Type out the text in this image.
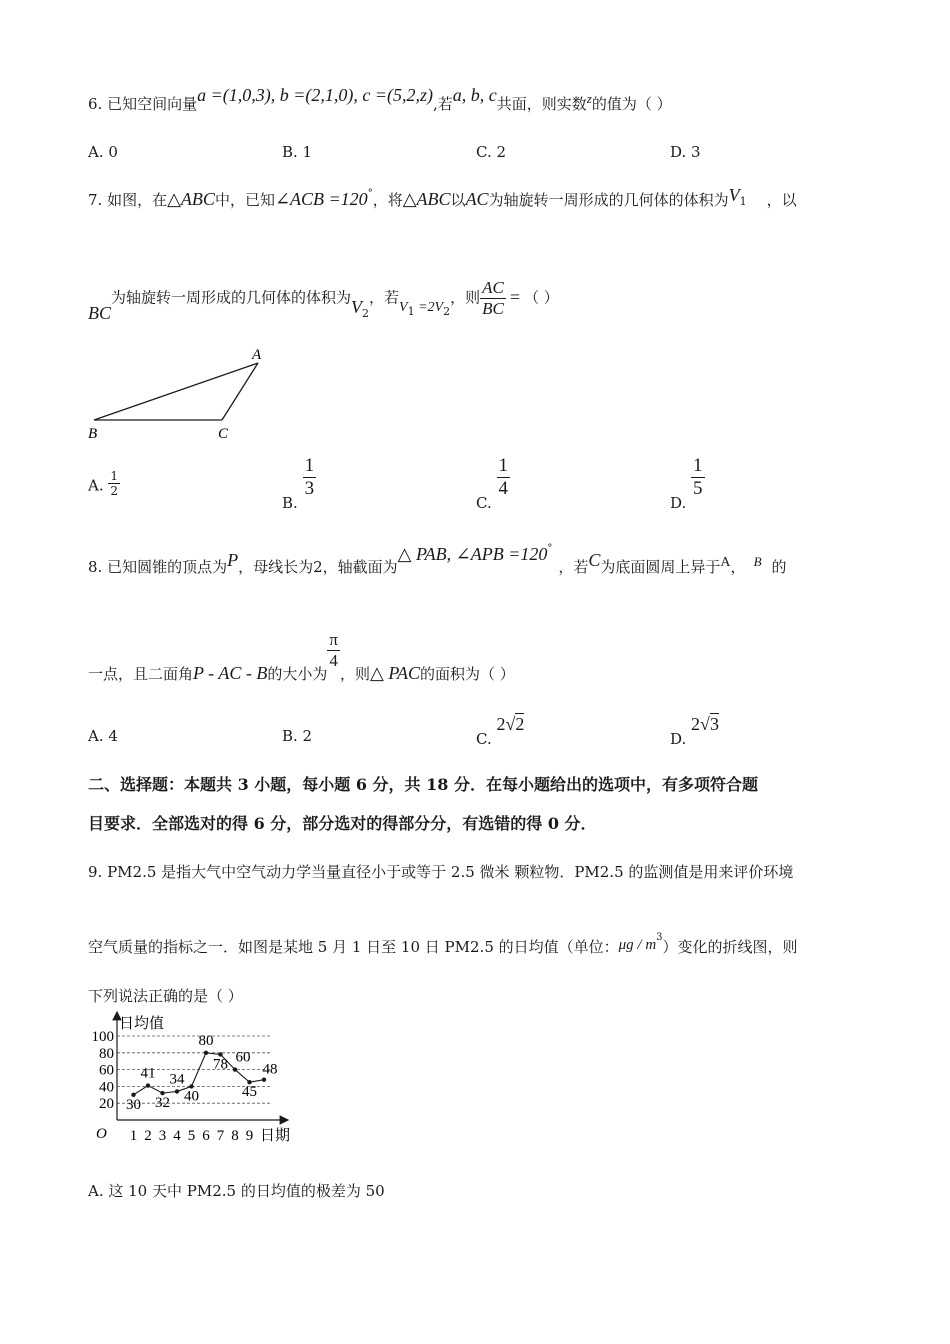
6. 已知空间向量a =(1,0,3), b =(2,1,0), c =(5,2,z),若a, b, c共面，则实数z的值为（ ）
A. 0	B. 1	C. 2	D. 3
7. 如图，在△ABC中，已知∠ACB =120°，将△ABC以AC为轴旋转一周形成的几何体的体积为$V_1$ ，以
BC为轴旋转一周形成的几何体的体积为$V_2$，若$V_1 =2V_2$，则 $\frac{AC}{BC}$ = （ ）
A
B	C
A. $\frac{1}{2}$
B.
$\frac{1}{3}$
C.
$\frac{1}{4}$
D.
$\frac{1}{5}$
8. 已知圆锥的顶点为P，母线长为2，轴截面为△ PAB, ∠APB =120°，若C为底面圆周上异于A， B 的
一点，且二面角P - AC - B的大小为
$\frac{\pi}{4}$
，则△ PAC的面积为（ ）
A. 4	B. 2	C. 2√2
D. 2√3
二、选择题：本题共 3 小题，每小题 6 分，共 18 分．在每小题给出的选项中，有多项符合题
目要求．全部选对的得 6 分，部分选对的得部分分，有选错的得 0 分．
9. PM2.5 是指大气中空气动力学当量直径小于或等于 2.5 微米 颗粒物．PM2.5 的监测值是用来评价环境
空气质量的指标之一．如图是某地 5 月 1 日至 10 日 PM2.5 的日均值（单位：μg / $m^3$）变化的折线图，则
下列说法正确的是（ ）
日均值
日期
O
100
80
60
40
20
1 2 3 4 5 6 7 8 9
30
41
32
34
40
80
78 60
45
48
A. 这 10 天中 PM2.5 的日均值的极差为 50
